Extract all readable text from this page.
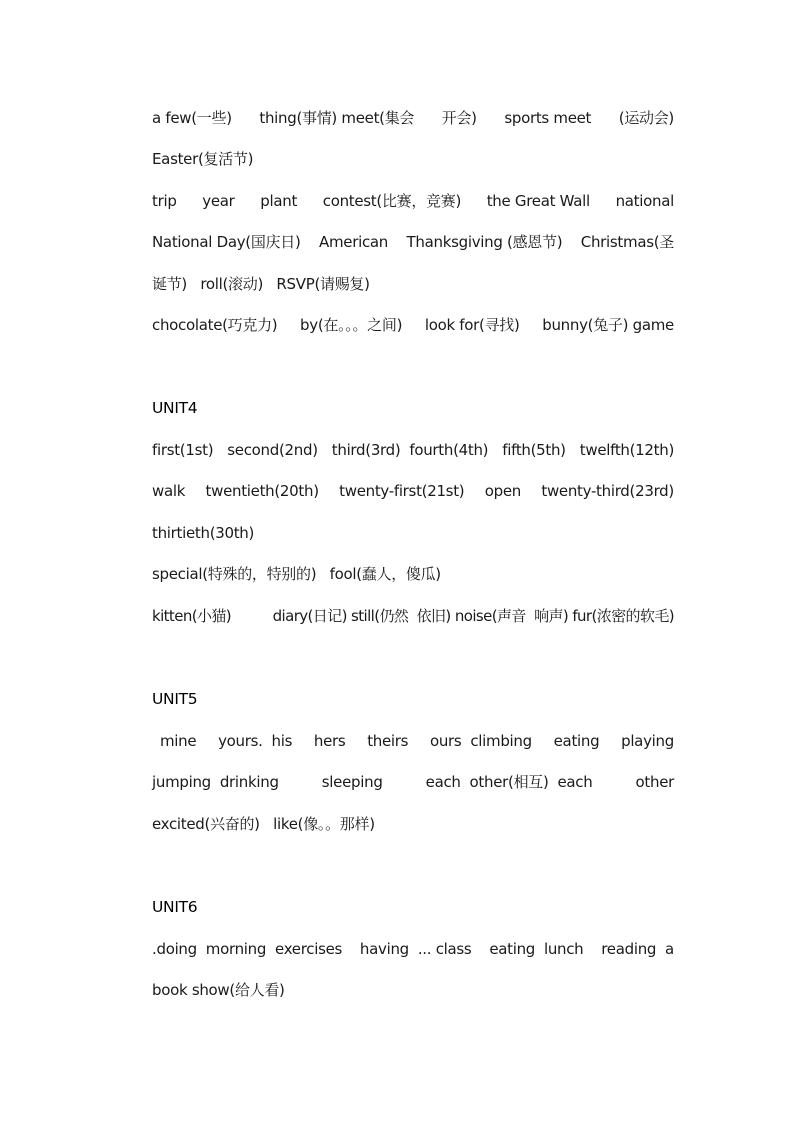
a few(一些) thing(事情) meet(集会 开会) sports meet (运动会)
Easter(复活节)
trip year plant contest(比赛，竞赛) the Great Wall national
National Day(国庆日) American Thanksgiving (感恩节) Christmas(圣
诞节)   roll(滚动)   RSVP(请赐复)
chocolate(巧克力) by(在。。。之间) look for(寻找) bunny(兔子) game
UNIT4
first(1st) second(2nd) third(3rd)  fourth(4th) fifth(5th) twelfth(12th)
walk twentieth(20th) twenty-first(21st) open twenty-third(23rd)
thirtieth(30th)
special(特殊的，特别的)   fool(蠢人，傻瓜)
kitten(小猫)	diary(日记) still(仍然  依旧) noise(声音  响声) fur(浓密的软毛)
UNIT5
mine yours.  his hers theirs ours  climbing eating playing
jumping  drinking	sleeping	each  other(相互)  each	other
excited(兴奋的)   like(像。。那样)
UNIT6
.doing  morning  exercises having  ... class eating  lunch reading  a
book show(给人看)
